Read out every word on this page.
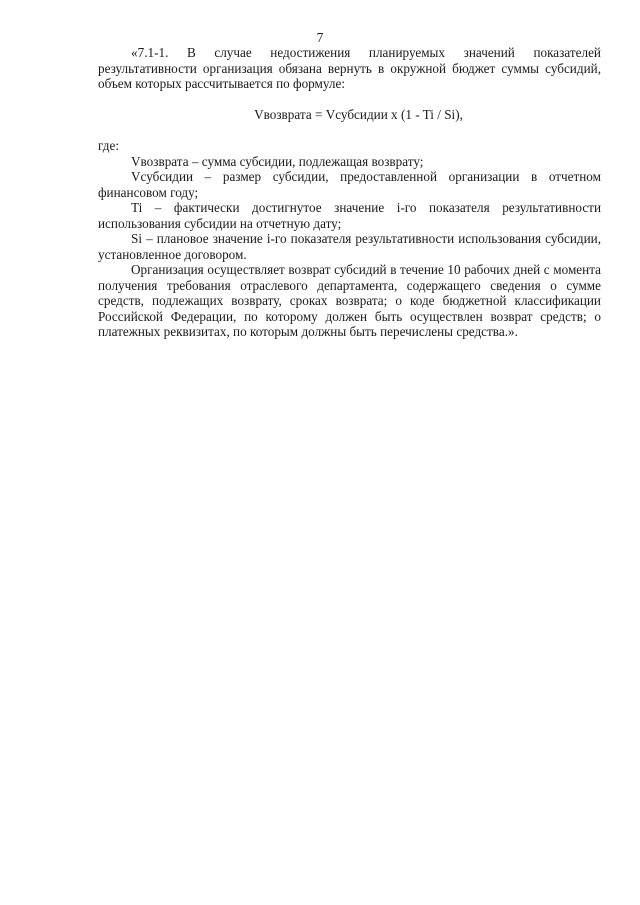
7

«7.1-1. В случае недостижения планируемых значений показателей результативности организация обязана вернуть в окружной бюджет суммы субсидий, объем которых рассчитывается по формуле:

Vвозврата = Vсубсидии x (1 - Ti / Si),

где:

Vвозврата – сумма субсидии, подлежащая возврату;

Vсубсидии – размер субсидии, предоставленной организации в отчетном финансовом году;

Ti – фактически достигнутое значение i-го показателя результативности использования субсидии на отчетную дату;

Si – плановое значение i-го показателя результативности использования субсидии, установленное договором.

Организация осуществляет возврат субсидий в течение 10 рабочих дней с момента получения требования отраслевого департамента, содержащего сведения о сумме средств, подлежащих возврату, сроках возврата; о коде бюджетной классификации Российской Федерации, по которому должен быть осуществлен возврат средств; о платежных реквизитах, по которым должны быть перечислены средства.».
